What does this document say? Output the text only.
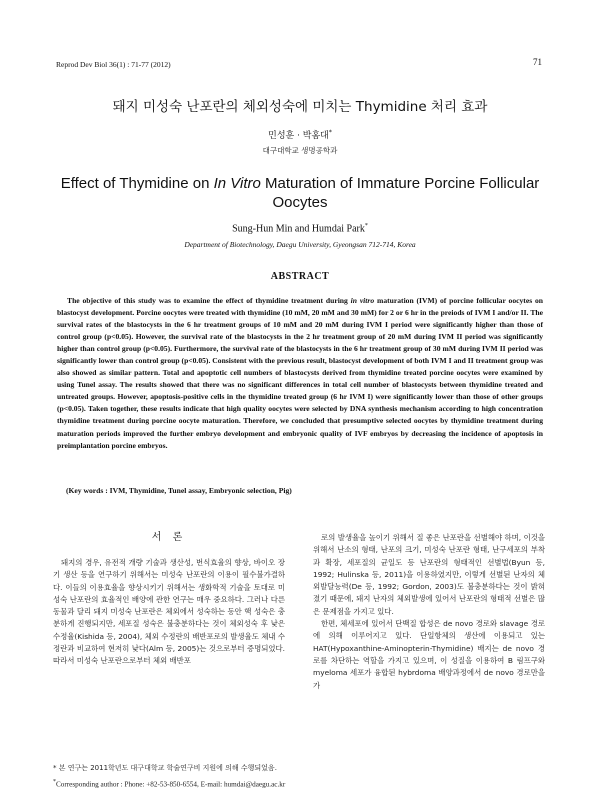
Reprod Dev Biol 36(1) : 71-77 (2012)	71
돼지 미성숙 난포란의 체외성숙에 미치는 Thymidine 처리 효과
민성훈 · 박홈대*
대구대학교 생명공학과
Effect of Thymidine on In Vitro Maturation of Immature Porcine Follicular Oocytes
Sung-Hun Min and Humdai Park*
Department of Biotechnology, Daegu University, Gyeongsan 712-714, Korea
ABSTRACT
The objective of this study was to examine the effect of thymidine treatment during in vitro maturation (IVM) of porcine follicular oocytes on blastocyst development. Porcine oocytes were treated with thymidine (10 mM, 20 mM and 30 mM) for 2 or 6 hr in the preiods of IVM I and/or II. The survival rates of the blastocysts in the 6 hr treatment groups of 10 mM and 20 mM during IVM I period were significantly higher than those of control group (p<0.05). However, the survival rate of the blastocysts in the 2 hr treatment group of 20 mM during IVM II period was significantly higher than control group (p<0.05). Furthermore, the survival rate of the blastocysts in the 6 hr treatment group of 30 mM during IVM II period was significantly lower than control group (p<0.05). Consistent with the previous result, blastocyst development of both IVM I and II treatment group was also showed as similar pattern. Total and apoptotic cell numbers of blastocysts derived from thymidine treated porcine oocytes were examined by using Tunel assay. The results showed that there was no significant differences in total cell number of blastocysts between thymidine treated and untreated groups. However, apoptosis-positive cells in the thymidine treated group (6 hr IVM I) were significantly lower than those of other groups (p<0.05). Taken together, these results indicate that high quality oocytes were selected by DNA synthesis mechanism according to high concentration thymidine treatment during porcine oocyte maturation. Therefore, we concluded that presumptive selected oocytes by thymidine treatment during maturation periods improved the further embryo development and embryonic quality of IVF embryos by decreasing the incidence of apoptosis in preimplantation porcine embryos.
(Key words : IVM, Thymidine, Tunel assay, Embryonic selection, Pig)
서 론
돼지의 경우, 유전적 개량 기술과 생산성, 번식효율의 향상, 바이오 장기 생산 등을 연구하기 위해서는 미성숙 난포란의 이용이 필수불가결하다. 이들의 이용효율을 향상시키기 위해서는 생화학적 기술을 토대로 미성숙 난포란의 효율적인 배양에 관한 연구는 매우 중요하다. 그러나 다른 동물과 달리 돼지 미성숙 난포란은 체외에서 성숙하는 동안 핵 성숙은 충분하게 진행되지만, 세포질 성숙은 불충분하다는 것이 체외성숙 후 낮은 수정율(Kishida 등, 2004), 체외 수정란의 배반포로의 발생율도 체내 수정란과 비교하여 현저히 낮다(Alm 등, 2005)는 것으로부터 증명되었다. 따라서 미성숙 난포란으로부터 체외 배반포

로의 발생율을 높이기 위해서 질 좋은 난포란을 선별해야 하며, 이것을 위해서 난소의 형태, 난포의 크기, 미성숙 난포란 형태, 난구세포의 부착과 확장, 세포질의 균일도 등 난포란의 형태적인 선별법(Byun 등, 1992; Hulinska 등, 2011)을 이용하였지만, 이렇게 선별된 난자의 체외발달능력(De 등, 1992; Gordon, 2003)도 불충분하다는 것이 밝혀졌기 때문에, 돼지 난자의 체외발생에 있어서 난포란의 형태적 선별은 많은 문제점을 가지고 있다.

한편, 체세포에 있어서 단백질 합성은 de novo 경로와 slavage 경로에 의해 이루어지고 있다. 단일항체의 생산에 이용되고 있는 HAT(Hypoxanthine-Aminopterin-Thymidine) 배지는 de novo 경로를 차단하는 역할을 가지고 있으며, 이 성질을 이용하여 B 림프구와 myeloma 세포가 융합된 hybrdoma 배양과정에서 de novo 경로만을 가

* 본 연구는 2011학년도 대구대학교 학술연구비 지원에 의해 수행되었음.
*Corresponding author : Phone: +82-53-850-6554, E-mail: humdai@daegu.ac.kr
